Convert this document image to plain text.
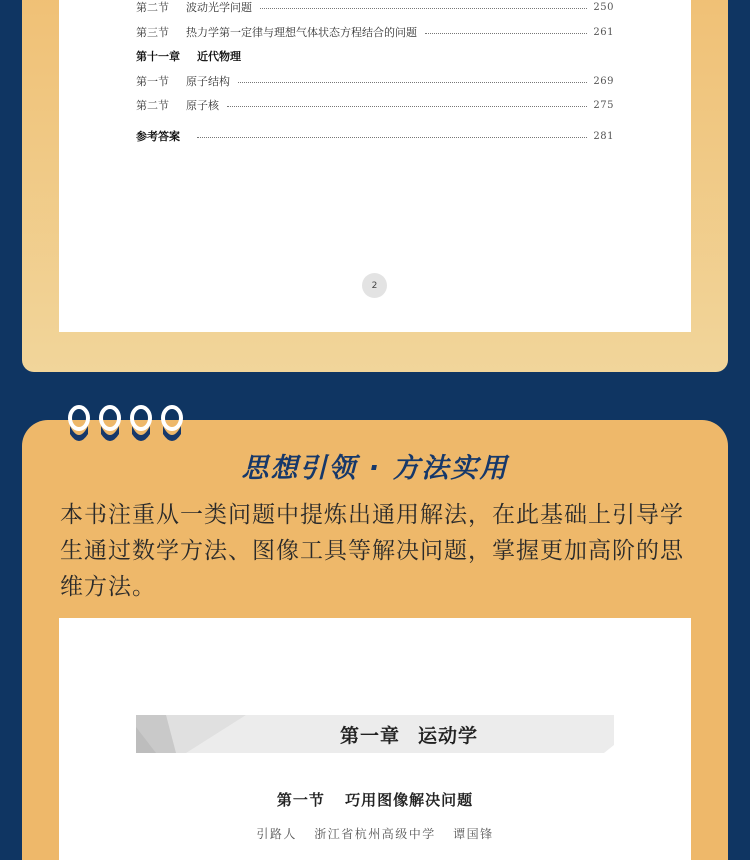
第二节	波动光学问题	250
第三节	热力学第一定律与理想气体状态方程结合的问题	261
第十一章	近代物理
第一节	原子结构	269
第二节	原子核	275
参考答案	281
2
思想引领 · 方法实用
本书注重从一类问题中提炼出通用解法，在此基础上引导学生通过数学方法、图像工具等解决问题，掌握更加高阶的思维方法。
第一章 运动学
第一节 巧用图像解决问题
引路人 浙江省杭州高级中学 谭国锋
